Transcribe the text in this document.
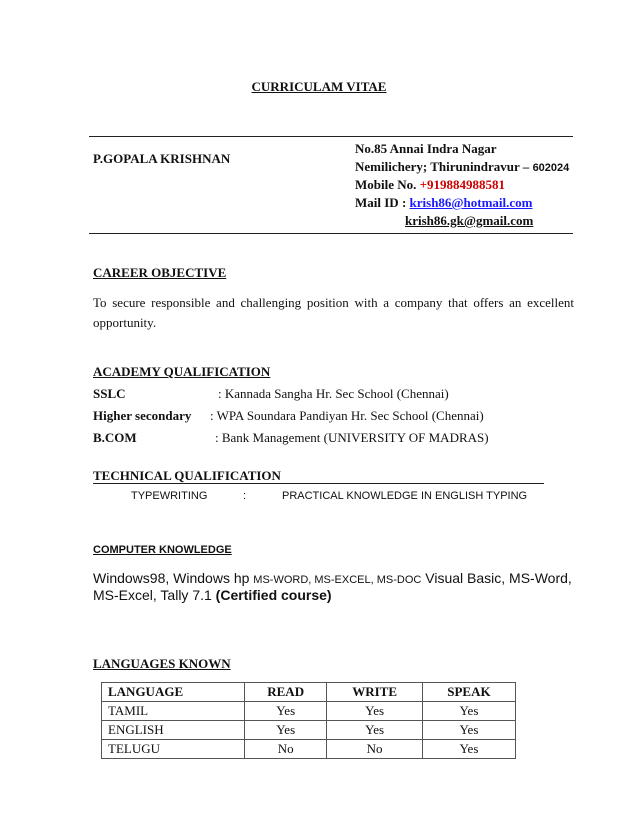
CURRICULAM VITAE
P.GOPALA KRISHNAN
No.85 Annai Indra Nagar
Nemilichery; Thirunindravur – 602024
Mobile No. +919884988581
Mail ID : krish86@hotmail.com
krish86.gk@gmail.com
CAREER OBJECTIVE
To secure responsible and challenging position with a company that offers an excellent opportunity.
ACADEMY QUALIFICATION
SSLC	: Kannada Sangha Hr. Sec School (Chennai)
Higher secondary : WPA Soundara Pandiyan Hr. Sec School (Chennai)
B.COM	: Bank Management (UNIVERSITY OF MADRAS)
TECHNICAL QUALIFICATION
TYPEWRITING	:	PRACTICAL KNOWLEDGE IN ENGLISH TYPING
COMPUTER KNOWLEDGE
Windows98, Windows hp MS-WORD, MS-EXCEL, MS-DOC Visual Basic, MS-Word,
MS-Excel, Tally 7.1 (Certified course)
LANGUAGES KNOWN
LANGUAGE	READ	WRITE	SPEAK
TAMIL	Yes	Yes	Yes
ENGLISH	Yes	Yes	Yes
TELUGU	No	No	Yes
